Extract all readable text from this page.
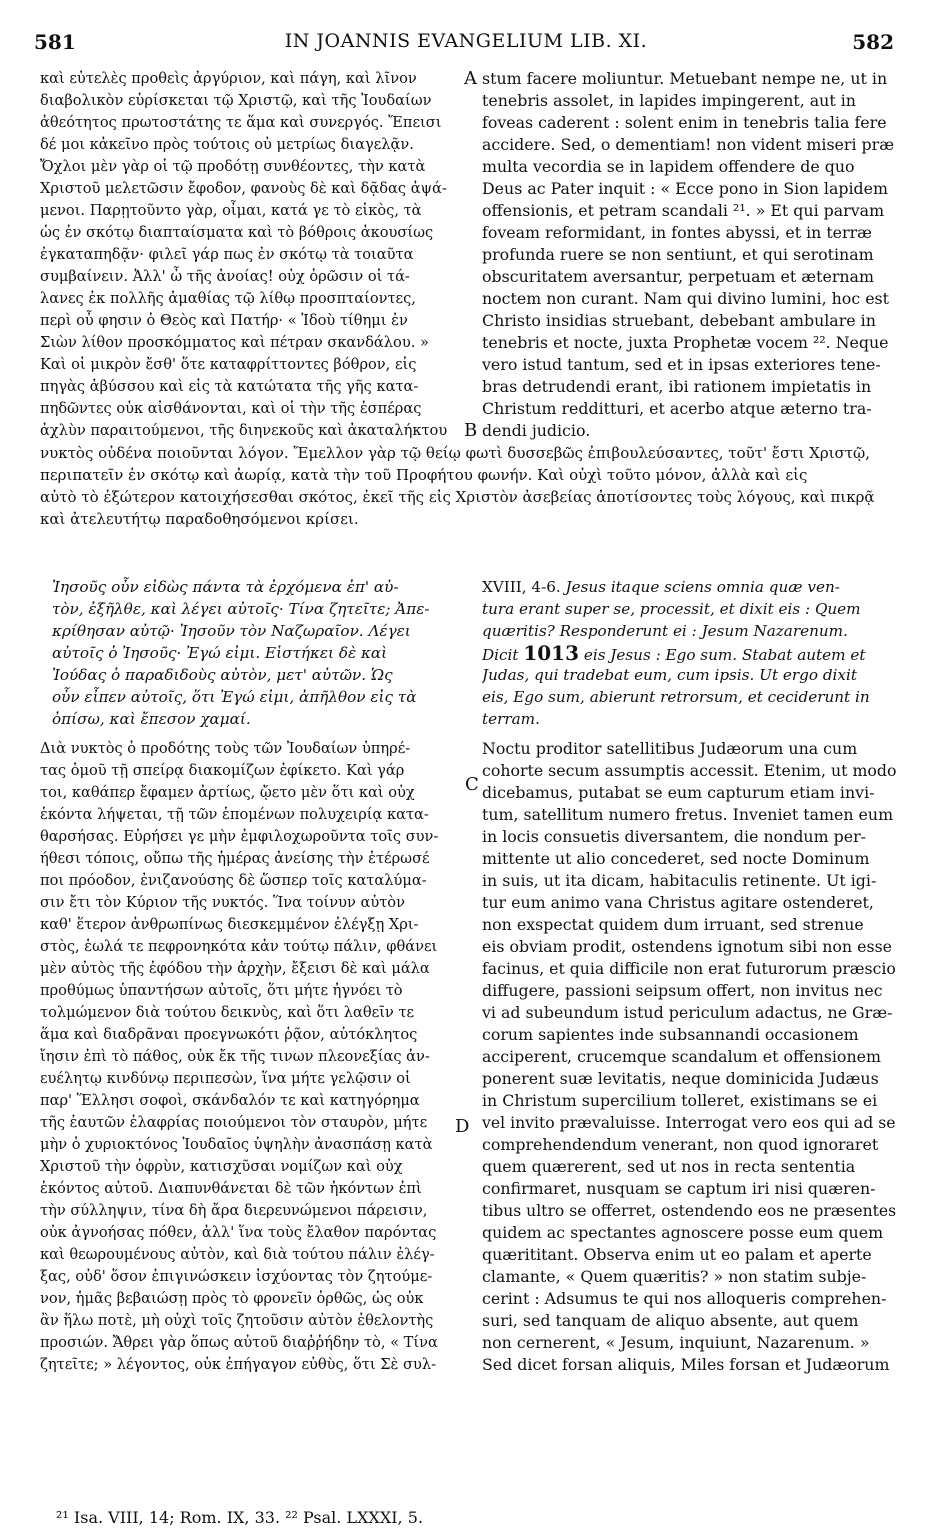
581	IN JOANNIS EVANGELIUM LIB. XI.	582
καὶ εὐτελὲς προθεὶς ἀργύριον, καὶ πάγη, καὶ λῖνον
διαβολικὸν εὑρίσκεται τῷ Χριστῷ, καὶ τῆς Ἰουδαίων
ἀθεότητος πρωτοστάτης τε ἅμα καὶ συνεργός. Ἔπεισι
δέ μοι κἀκεῖνο πρὸς τούτοις οὐ μετρίως διαγελᾷν.
Ὄχλοι μὲν γὰρ οἱ τῷ προδότῃ συνθέοντες, τὴν κατὰ
Χριστοῦ μελετῶσιν ἔφοδον, φανοὺς δὲ καὶ δᾷδας ἀψά-
μενοι. Παρῃτοῦντο γὰρ, οἶμαι, κατά γε τὸ εἰκὸς, τὰ
ὡς ἐν σκότῳ διαπταίσματα καὶ τὸ βόθροις ἀκουσίως
ἐγκαταπηδᾷν· φιλεῖ γάρ πως ἐν σκότῳ τὰ τοιαῦτα
συμβαίνειν. Ἀλλ' ὦ τῆς ἀνοίας! οὐχ ὁρῶσιν οἱ τά-
λανες ἐκ πολλῆς ἀμαθίας τῷ λίθῳ προσπταίοντες,
περὶ οὗ φησιν ὁ Θεὸς καὶ Πατήρ· « Ἰδοὺ τίθημι ἐν
Σιὼν λίθον προσκόμματος καὶ πέτραν σκανδάλου. »
Καὶ οἱ μικρὸν ἔσθ' ὅτε καταφρίττοντες βόθρον, εἰς
πηγὰς ἀβύσσου καὶ εἰς τὰ κατώτατα τῆς γῆς κατα-
πηδῶντες οὐκ αἰσθάνονται, καὶ οἱ τὴν τῆς ἑσπέρας
ἀχλὺν παραιτούμενοι, τῆς διηνεκοῦς καὶ ἀκαταλήκτου
A
B
stum facere moliuntur. Metuebant nempe ne, ut in
tenebris assolet, in lapides impingerent, aut in
foveas caderent : solent enim in tenebris talia fere
accidere. Sed, o dementiam! non vident miseri præ
multa vecordia se in lapidem offendere de quo
Deus ac Pater inquit : « Ecce pono in Sion lapidem
offensionis, et petram scandali ²¹. » Et qui parvam
foveam reformidant, in fontes abyssi, et in terræ
profunda ruere se non sentiunt, et qui serotinam
obscuritatem aversantur, perpetuam et æternam
noctem non curant. Nam qui divino lumini, hoc est
Christo insidias struebant, debebant ambulare in
tenebris et nocte, juxta Prophetæ vocem ²². Neque
vero istud tantum, sed et in ipsas exteriores tene-
bras detrudendi erant, ibi rationem impietatis in
Christum redditturi, et acerbo atque æterno tra-
dendi judicio.
νυκτὸς οὐδένα ποιοῦνται λόγον. Ἔμελλον γὰρ τῷ θείῳ φωτὶ δυσσεβῶς ἐπιβουλεύσαντες, τοῦτ' ἔστι Χριστῷ,
περιπατεῖν ἐν σκότῳ καὶ ἀωρίᾳ, κατὰ τὴν τοῦ Προφήτου φωνήν. Καὶ οὐχὶ τοῦτο μόνον, ἀλλὰ καὶ εἰς
αὐτὸ τὸ ἐξώτερον κατοιχήσεσθαι σκότος, ἐκεῖ τῆς εἰς Χριστὸν ἀσεβείας ἀποτίσοντες τοὺς λόγους, καὶ πικρᾷ
καὶ ἀτελευτήτῳ παραδοθησόμενοι κρίσει.
Ἰησοῦς οὖν εἰδὼς πάντα τὰ ἐρχόμενα ἐπ' αὐ-
τὸν, ἐξῆλθε, καὶ λέγει αὐτοῖς· Τίνα ζητεῖτε; Ἀπε-
κρίθησαν αὐτῷ· Ἰησοῦν τὸν Ναζωραῖον. Λέγει
αὐτοῖς ὁ Ἰησοῦς· Ἐγώ εἰμι. Εἱστήκει δὲ καὶ
Ἰούδας ὁ παραδιδοὺς αὐτὸν, μετ' αὐτῶν. Ὡς
οὖν εἶπεν αὐτοῖς, ὅτι Ἐγώ εἰμι, ἀπῆλθον εἰς τὰ
ὀπίσω, καὶ ἔπεσον χαμαί.
XVIII, 4-6. Jesus itaque sciens omnia quæ ven-
tura erant super se, processit, et dixit eis : Quem
quæritis? Responderunt ei : Jesum Nazarenum.
Dicit 1013 eis Jesus : Ego sum. Stabat autem et
Judas, qui tradebat eum, cum ipsis. Ut ergo dixit
eis, Ego sum, abierunt retrorsum, et ceciderunt in
terram.
Διὰ νυκτὸς ὁ προδότης τοὺς τῶν Ἰουδαίων ὑπηρέ-
τας ὁμοῦ τῇ σπείρᾳ διακομίζων ἐφίκετο. Καὶ γάρ
τοι, καθάπερ ἔφαμεν ἀρτίως, ᾤετο μὲν ὅτι καὶ οὐχ
ἑκόντα λήψεται, τῇ τῶν ἑπομένων πολυχειρίᾳ κατα-
θαρσήσας. Εὑρήσει γε μὴν ἐμφιλοχωροῦντα τοῖς συν-
ήθεσι τόποις, οὔπω τῆς ἡμέρας ἀνείσης τὴν ἑτέρωσέ
ποι πρόοδον, ἐνιζανούσης δὲ ὥσπερ τοῖς καταλύμα-
σιν ἔτι τὸν Κύριον τῆς νυκτός. Ἵνα τοίνυν αὐτὸν
καθ' ἕτερον ἀνθρωπίνως διεσκεμμένον ἐλέγξῃ Χρι-
στὸς, ἑωλά τε πεφρονηκότα κἀν τούτῳ πάλιν, φθάνει
μὲν αὐτὸς τῆς ἐφόδου τὴν ἀρχὴν, ἔξεισι δὲ καὶ μάλα
προθύμως ὑπαντήσων αὐτοῖς, ὅτι μήτε ἠγνόει τὸ
τολμώμενον διὰ τούτου δεικνὺς, καὶ ὅτι λαθεῖν τε
ἅμα καὶ διαδρᾶναι προεγνωκότι ῥᾷον, αὐτόκλητος
ἴησιν ἐπὶ τὸ πάθος, οὐκ ἔκ τῆς τινων πλεονεξίας ἀν-
ευέλητῳ κινδύνῳ περιπεσὼν, ἵνα μήτε γελῷσιν οἱ
παρ' Ἕλλησι σοφοὶ, σκάνδαλόν τε καὶ κατηγόρημα
τῆς ἑαυτῶν ἐλαφρίας ποιούμενοι τὸν σταυρὸν, μήτε
μὴν ὁ χυριοκτόνος Ἰουδαῖος ὑψηλὴν ἀνασπάσῃ κατὰ
Χριστοῦ τὴν ὀφρὺν, κατισχῦσαι νομίζων καὶ οὐχ
ἑκόντος αὐτοῦ. Διαπυνθάνεται δὲ τῶν ἡκόντων ἐπὶ
τὴν σύλληψιν, τίνα δὴ ἄρα διερευνώμενοι πάρεισιν,
οὐκ ἀγνοήσας πόθεν, ἀλλ' ἵνα τοὺς ἔλαθον παρόντας
καὶ θεωρουμένους αὐτὸν, καὶ διὰ τούτου πάλιν ἐλέγ-
ξας, οὐδ' ὅσον ἐπιγινώσκειν ἰσχύοντας τὸν ζητούμε-
νον, ἡμᾶς βεβαιώσῃ πρὸς τὸ φρονεῖν ὀρθῶς, ὡς οὐκ
ἂν ἥλω ποτὲ, μὴ οὐχὶ τοῖς ζητοῦσιν αὐτὸν ἐθελοντὴς
προσιών. Ἄθρει γὰρ ὅπως αὐτοῦ διαῤῥήδην τὸ, « Τίνα
ζητεῖτε; » λέγοντος, οὐκ ἐπήγαγον εὐθὺς, ὅτι Σὲ συλ-
C
D
Noctu proditor satellitibus Judæorum una cum
cohorte secum assumptis accessit. Etenim, ut modo
dicebamus, putabat se eum capturum etiam invi-
tum, satellitum numero fretus. Inveniet tamen eum
in locis consuetis diversantem, die nondum per-
mittente ut alio concederet, sed nocte Dominum
in suis, ut ita dicam, habitaculis retinente. Ut igi-
tur eum animo vana Christus agitare ostenderet,
non exspectat quidem dum irruant, sed strenue
eis obviam prodit, ostendens ignotum sibi non esse
facinus, et quia difficile non erat futurorum præscio
diffugere, passioni seipsum offert, non invitus nec
vi ad subeundum istud periculum adactus, ne Græ-
corum sapientes inde subsannandi occasionem
acciperent, crucemque scandalum et offensionem
ponerent suæ levitatis, neque dominicida Judæus
in Christum supercilium tolleret, existimans se ei
vel invito prævaluisse. Interrogat vero eos qui ad se
comprehendendum venerant, non quod ignoraret
quem quærerent, sed ut nos in recta sententia
confirmaret, nusquam se captum iri nisi quæren-
tibus ultro se offerret, ostendendo eos ne præsentes
quidem ac spectantes agnoscere posse eum quem
quærititant. Observa enim ut eo palam et aperte
clamante, « Quem quæritis? » non statim subje-
cerint : Adsumus te qui nos alloqueris comprehen-
suri, sed tanquam de aliquo absente, aut quem
non cernerent, « Jesum, inquiunt, Nazarenum. »
Sed dicet forsan aliquis, Miles forsan et Judæorum
²¹ Isa. VIII, 14; Rom. IX, 33. ²² Psal. LXXXI, 5.
